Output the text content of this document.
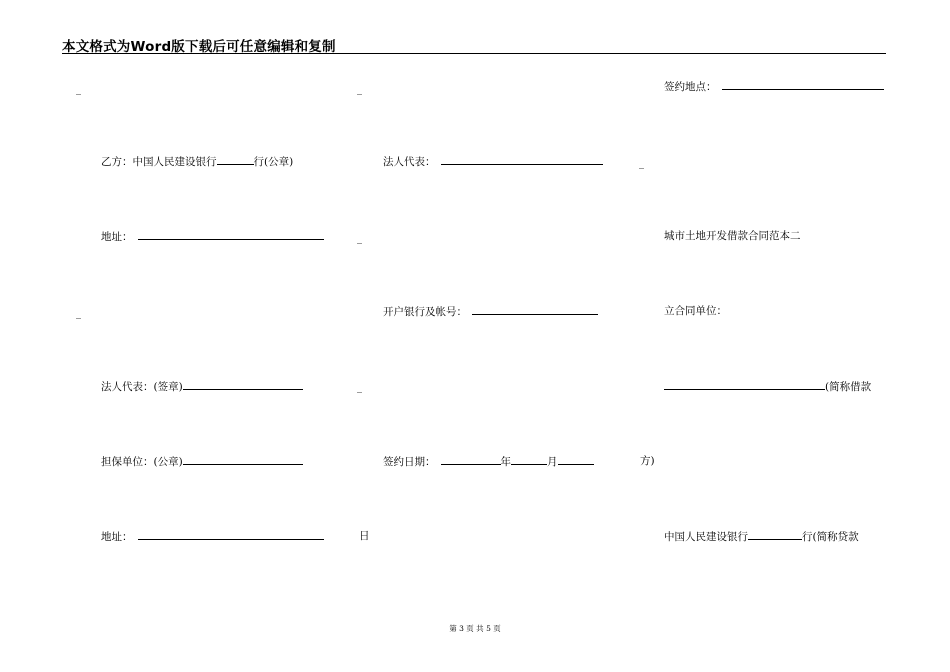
本文格式为Word版下载后可任意编辑和复制
_	_
_
_
_
_
乙方：中国人民建设银行	行(公章)
地址：
法人代表：(签章)
担保单位：(公章)
地址：
法人代表：
开户银行及帐号：
签约日期：	年	月
日
签约地点：
城市土地开发借款合同范本二
立合同单位：
(简称借款
方)
中国人民建设银行	行(简称贷款
第 3 页 共 5 页
